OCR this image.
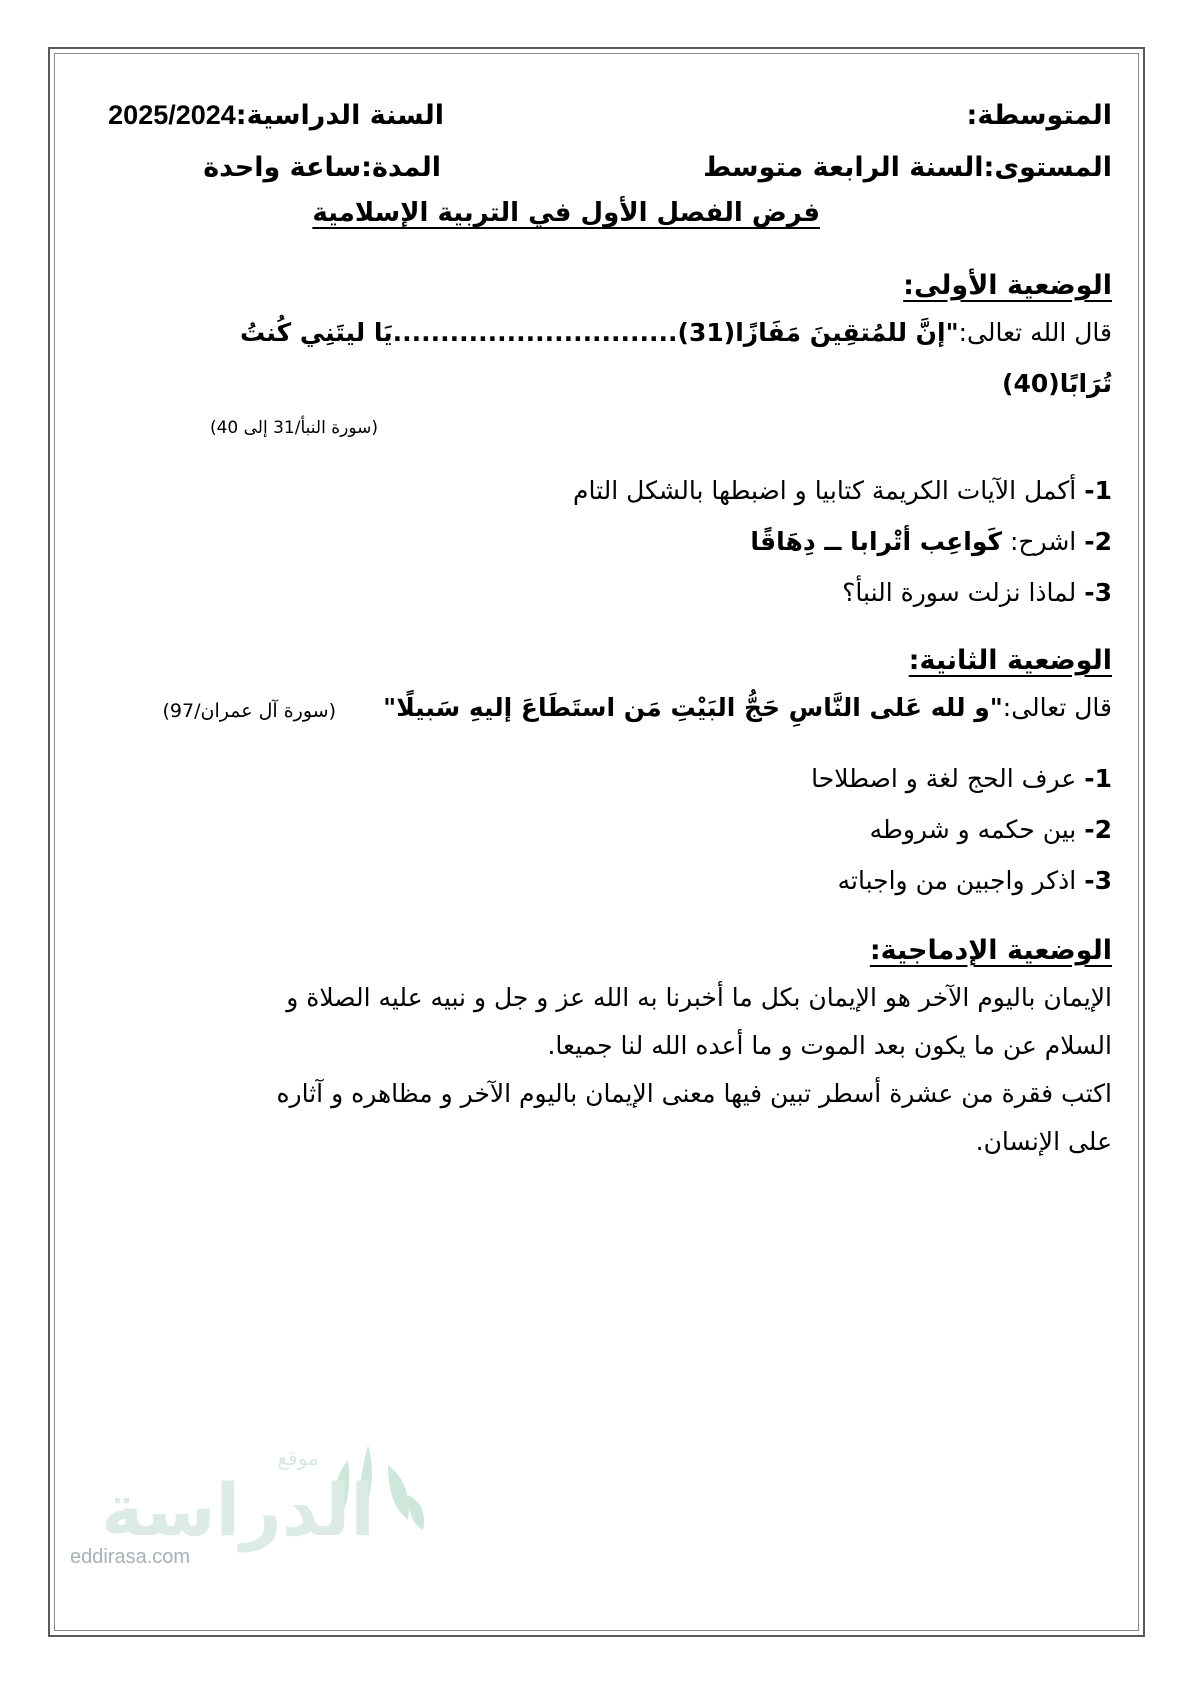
المتوسطة:
السنة الدراسية:2025/2024
المستوى:السنة الرابعة متوسط
المدة:ساعة واحدة
فرض الفصل الأول في التربية الإسلامية
الوضعية الأولى:
قال الله تعالى:"إنَّ للمُتقِينَ مَفَازًا(31)..............................يَا ليتَنِي كُنتُ
تُرَابًا(40)
(سورة النبأ/31 إلى 40)
1- أكمل الآيات الكريمة كتابيا و اضبطها بالشكل التام
2- اشرح: كَواعِب أتْرابا ــ دِهَاقًا
3- لماذا نزلت سورة النبأ؟
الوضعية الثانية:
قال تعالى:"و لله عَلى النَّاسِ حَجُّ البَيْتِ مَن استَطَاعَ إليهِ سَبيلًا"
(سورة آل عمران/97)
1- عرف الحج لغة و اصطلاحا
2- بين حكمه و شروطه
3- اذكر واجبين من واجباته
الوضعية الإدماجية:
الإيمان باليوم الآخر هو الإيمان بكل ما أخبرنا به الله عز و جل و نبيه عليه الصلاة و
السلام عن ما يكون بعد الموت و ما أعده الله لنا جميعا.
اكتب فقرة من عشرة أسطر تبين فيها معنى الإيمان باليوم الآخر و مظاهره و آثاره
على الإنسان.
موقع
الدراسة
eddirasa.com
